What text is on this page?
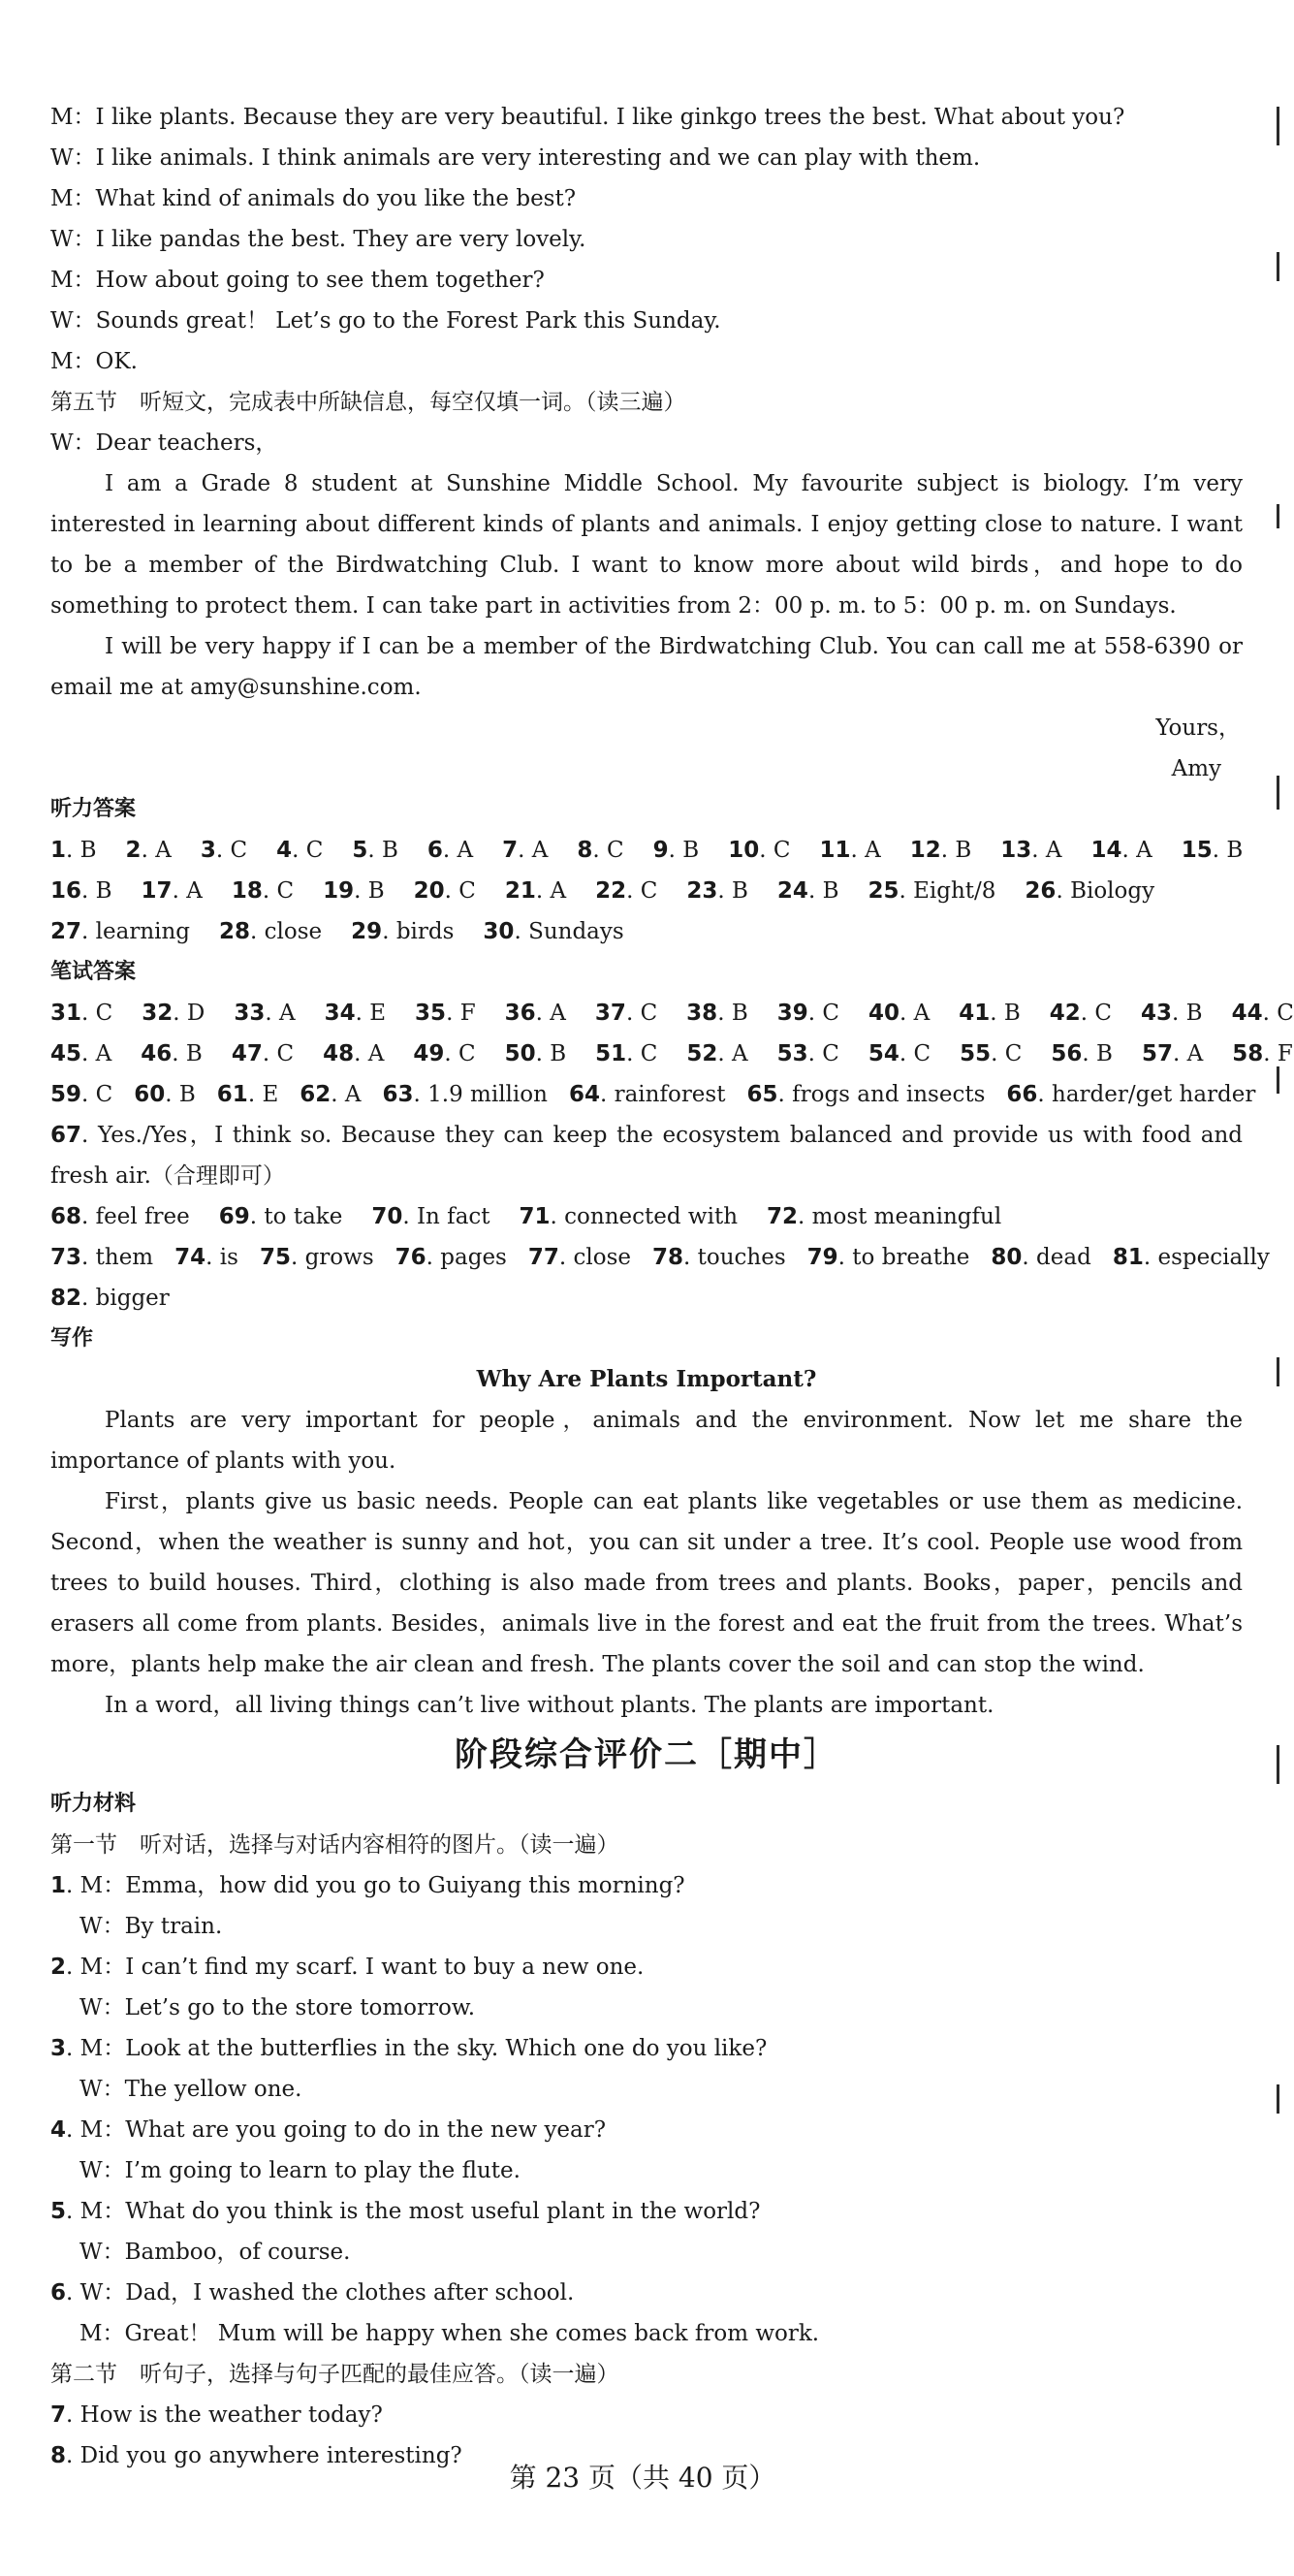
M：I like plants. Because they are very beautiful. I like ginkgo trees the best. What about you?
W：I like animals. I think animals are very interesting and we can play with them.
M：What kind of animals do you like the best?
W：I like pandas the best. They are very lovely.
M：How about going to see them together?
W：Sounds great！ Let’s go to the Forest Park this Sunday.
M：OK.
第五节　听短文，完成表中所缺信息，每空仅填一词。（读三遍）
W：Dear teachers，

I am a Grade 8 student at Sunshine Middle School. My favourite subject is biology. I’m very interested in learning about different kinds of plants and animals. I enjoy getting close to nature. I want to be a member of the Birdwatching Club. I want to know more about wild birds，and hope to do something to protect them. I can take part in activities from 2：00 p. m. to 5：00 p. m. on Sundays.

I will be very happy if I can be a member of the Birdwatching Club. You can call me at 558-6390 or email me at amy@sunshine.com.

Yours，
Amy
听力答案
1. B 2. A 3. C 4. C 5. B 6. A 7. A 8. C 9. B 10. C 11. A 12. B 13. A 14. A 15. B
16. B 17. A 18. C 19. B 20. C 21. A 22. C 23. B 24. B 25. Eight/8 26. Biology
27. learning 28. close 29. birds 30. Sundays
笔试答案
31. C 32. D 33. A 34. E 35. F 36. A 37. C 38. B 39. C 40. A 41. B 42. C 43. B 44. C
45. A 46. B 47. C 48. A 49. C 50. B 51. C 52. A 53. C 54. C 55. C 56. B 57. A 58. F
59. C 60. B 61. E 62. A 63. 1.9 million 64. rainforest 65. frogs and insects 66. harder/get harder

67. Yes./Yes，I think so. Because they can keep the ecosystem balanced and provide us with food and fresh air.（合理即可）

68. feel free 69. to take 70. In fact 71. connected with 72. most meaningful
73. them 74. is 75. grows 76. pages 77. close 78. touches 79. to breathe 80. dead 81. especially
82. bigger
写作
Why Are Plants Important?

Plants are very important for people，animals and the environment. Now let me share the importance of plants with you.

First，plants give us basic needs. People can eat plants like vegetables or use them as medicine. Second，when the weather is sunny and hot，you can sit under a tree. It’s cool. People use wood from trees to build houses. Third，clothing is also made from trees and plants. Books，paper，pencils and erasers all come from plants. Besides，animals live in the forest and eat the fruit from the trees. What’s more，plants help make the air clean and fresh. The plants cover the soil and can stop the wind.

In a word，all living things can’t live without plants. The plants are important.

阶段综合评价二［期中］
听力材料
第一节　听对话，选择与对话内容相符的图片。（读一遍）
1. M：Emma，how did you go to Guiyang this morning?
W：By train.
2. M：I can’t find my scarf. I want to buy a new one.
W：Let’s go to the store tomorrow.
3. M：Look at the butterflies in the sky. Which one do you like?
W：The yellow one.
4. M：What are you going to do in the new year?
W：I’m going to learn to play the flute.
5. M：What do you think is the most useful plant in the world?
W：Bamboo，of course.
6. W：Dad，I washed the clothes after school.
M：Great！ Mum will be happy when she comes back from work.
第二节　听句子，选择与句子匹配的最佳应答。（读一遍）
7. How is the weather today?
8. Did you go anywhere interesting?
第 23 页（共 40 页）
